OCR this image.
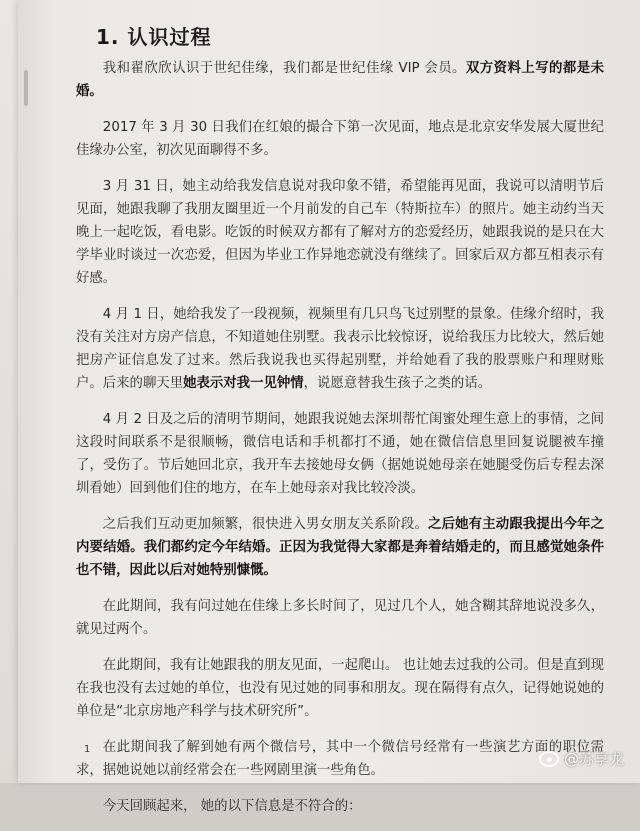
1. 认识过程

我和翟欣欣认识于世纪佳缘，我们都是世纪佳缘 VIP 会员。双方资料上写的都是未婚。

2017 年 3 月 30 日我们在红娘的撮合下第一次见面，地点是北京安华发展大厦世纪佳缘办公室，初次见面聊得不多。

3 月 31 日，她主动给我发信息说对我印象不错，希望能再见面，我说可以清明节后见面，她跟我聊了我朋友圈里近一个月前发的自己车（特斯拉车）的照片。她主动约当天晚上一起吃饭，看电影。吃饭的时候双方都有了解对方的恋爱经历，她跟我说的是只在大学毕业时谈过一次恋爱，但因为毕业工作异地恋就没有继续了。回家后双方都互相表示有好感。

4 月 1 日，她给我发了一段视频，视频里有几只鸟飞过别墅的景象。佳缘介绍时，我没有关注对方房产信息，不知道她住别墅。我表示比较惊讶，说给我压力比较大，然后她把房产证信息发了过来。然后我说我也买得起别墅，并给她看了我的股票账户和理财账户。后来的聊天里她表示对我一见钟情，说愿意替我生孩子之类的话。

4 月 2 日及之后的清明节期间，她跟我说她去深圳帮忙闺蜜处理生意上的事情，之间这段时间联系不是很顺畅，微信电话和手机都打不通，她在微信信息里回复说腿被车撞了，受伤了。节后她回北京，我开车去接她母女俩（据她说她母亲在她腿受伤后专程去深圳看她）回到他们住的地方，在车上她母亲对我比较冷淡。

之后我们互动更加频繁，很快进入男女朋友关系阶段。之后她有主动跟我提出今年之内要结婚。我们都约定今年结婚。正因为我觉得大家都是奔着结婚走的，而且感觉她条件也不错，因此以后对她特别慷慨。

在此期间，我有问过她在佳缘上多长时间了，见过几个人，她含糊其辞地说没多久，就见过两个。

在此期间，我有让她跟我的朋友见面，一起爬山。 也让她去过我的公司。但是直到现在我也没有去过她的单位，也没有见过她的同事和朋友。现在隔得有点久，记得她说她的单位是“北京房地产科学与技术研究所”。

在此期间我了解到她有两个微信号，其中一个微信号经常有一些演艺方面的职位需求，据她说她以前经常会在一些网剧里演一些角色。

今天回顾起来， 她的以下信息是不符合的：

1
@苏享龙
